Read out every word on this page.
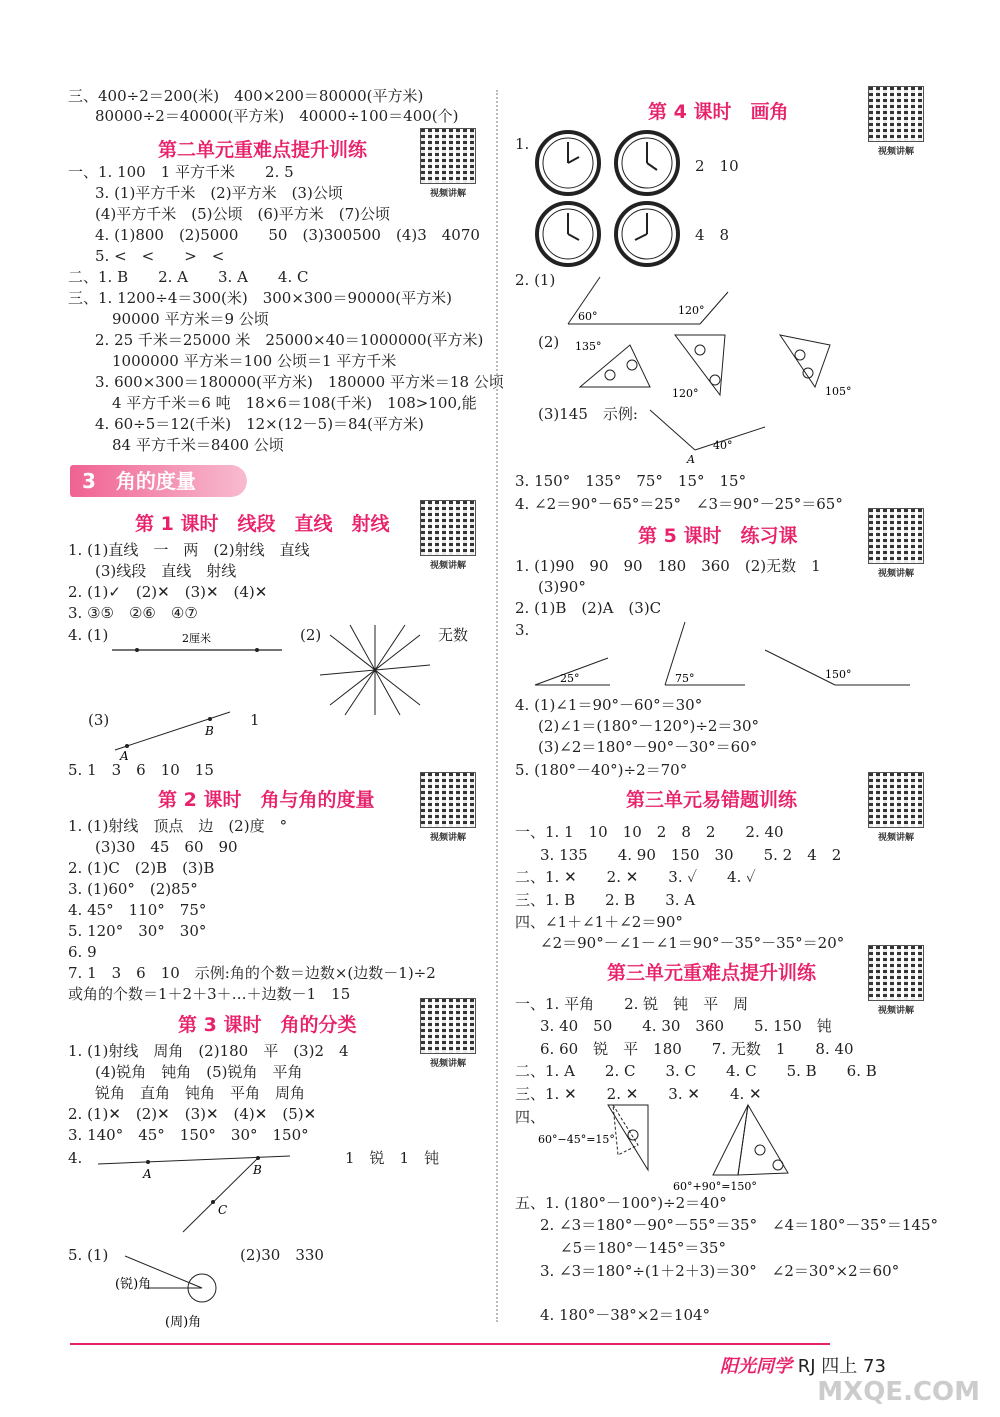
三、400÷2＝200(米)　400×200＝80000(平方米)
80000÷2＝40000(平方米)　40000÷100＝400(个)
第二单元重难点提升训练
视频讲解
一、1. 100　1 平方千米　　2. 5
3. (1)平方千米　(2)平方米　(3)公顷
(4)平方千米　(5)公顷　(6)平方米　(7)公顷
4. (1)800　(2)5000　　50　(3)300500　(4)3　4070
5. <　<　　>　<
二、1. B　　2. A　　3. A　　4. C
三、1. 1200÷4＝300(米)　300×300＝90000(平方米)
90000 平方米＝9 公顷
2. 25 千米＝25000 米　25000×40＝1000000(平方米)
1000000 平方米＝100 公顷＝1 平方千米
3. 600×300＝180000(平方米)　180000 平方米＝18 公顷
4 平方千米＝6 吨　18×6＝108(千米)　108>100,能
4. 60÷5＝12(千米)　12×(12－5)＝84(平方米)
84 平方千米＝8400 公顷
3　角的度量
第 1 课时　线段　直线　射线
视频讲解
1. (1)直线　一　两　(2)射线　直线
(3)线段　直线　射线
2. (1)✓　(2)✕　(3)✕　(4)✕
3. ③⑤　②⑥　④⑦
4. (1)	(2)	无数
(3)	1
5. 1　3　6　10　15
2厘米
A
B
第 2 课时　角与角的度量
视频讲解
1. (1)射线　顶点　边　(2)度　°
(3)30　45　60　90
2. (1)C　(2)B　(3)B
3. (1)60°　(2)85°
4. 45°　110°　75°
5. 120°　30°　30°
6. 9
7. 1　3　6　10　示例:角的个数＝边数×(边数－1)÷2
或角的个数＝1＋2＋3＋…＋边数－1　15
第 3 课时　角的分类
视频讲解
1. (1)射线　周角　(2)180　平　(3)2　4
(4)锐角　钝角　(5)锐角　平角
锐角　直角　钝角　平角　周角
2. (1)✕　(2)✕　(3)✕　(4)✕　(5)✕
3. 140°　45°　150°　30°　150°
4.	1　锐　1　钝
5. (1)	(2)30　330
A	B
C
(锐)角
(周)角
第 4 课时　画角
视频讲解
1.
2　10
4　8
2. (1)
60°	120°
(2) 135°
120°	105°
(3)145　示例:
40°
A
3. 150°　135°　75°　15°　15°
4. ∠2＝90°－65°＝25°　∠3＝90°－25°＝65°
第 5 课时　练习课
视频讲解
1. (1)90　90　90　180　360　(2)无数　1
(3)90°
2. (1)B　(2)A　(3)C
3.
25°	75°	150°
4. (1)∠1＝90°－60°＝30°
(2)∠1＝(180°－120°)÷2＝30°
(3)∠2＝180°－90°－30°＝60°
5. (180°－40°)÷2＝70°
第三单元易错题训练
视频讲解
一、1. 1　10　10　2　8　2　　2. 40
3. 135　　4. 90　150　30　　5. 2　4　2
二、1. ✕　　2. ✕　　3. ✓　　4. ✓
三、1. B　　2. B　　3. A
四、∠1＋∠1＋∠2＝90°
∠2＝90°－∠1－∠1＝90°－35°－35°＝20°
第三单元重难点提升训练
视频讲解
一、1. 平角　　2. 锐　钝　平　周
3. 40　50　　4. 30　360　　5. 150　钝
6. 60　锐　平　180　　7. 无数　1　　8. 40
二、1. A　　2. C　　3. C　　4. C　　5. B　　6. B
三、1. ✕　　2. ✕　　3. ✕　　4. ✕
四、
60°−45°=15°
60°+90°=150°
五、1. (180°－100°)÷2＝40°
2. ∠3＝180°－90°－55°＝35°　∠4＝180°－35°＝145°
∠5＝180°－145°＝35°
3. ∠3＝180°÷(1＋2＋3)＝30°　∠2＝30°×2＝60°
4. 180°－38°×2＝104°
阳光同学 RJ 四上 73
MXQE.COM
